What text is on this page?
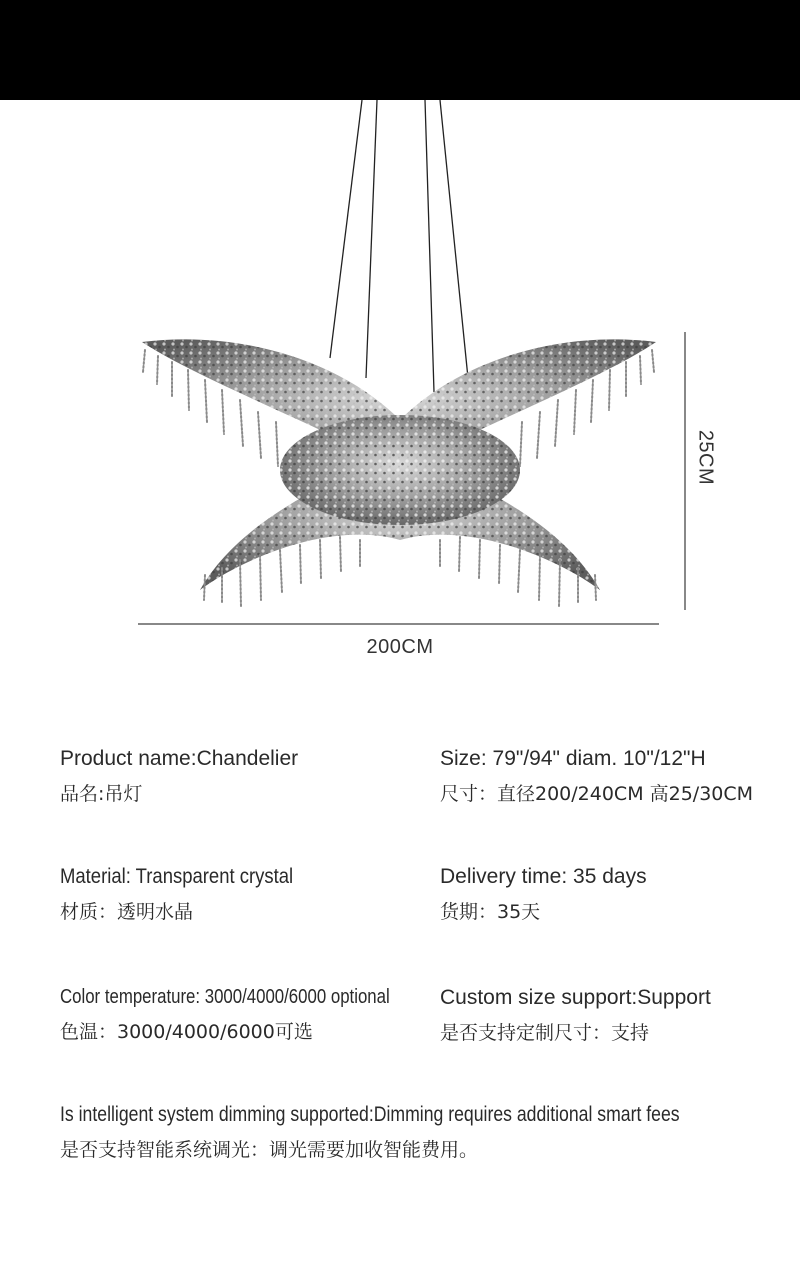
200CM
25CM
Product name:Chandelier
品名:吊灯
Size: 79"/94" diam. 10"/12"H
尺寸：直径200/240CM 高25/30CM
Material: Transparent crystal
材质：透明水晶
Delivery time: 35 days
货期：35天
Color temperature: 3000/4000/6000 optional
色温：3000/4000/6000可选
Custom size support:Support
是否支持定制尺寸：支持
Is intelligent system dimming supported:Dimming requires additional smart fees
是否支持智能系统调光：调光需要加收智能费用。
